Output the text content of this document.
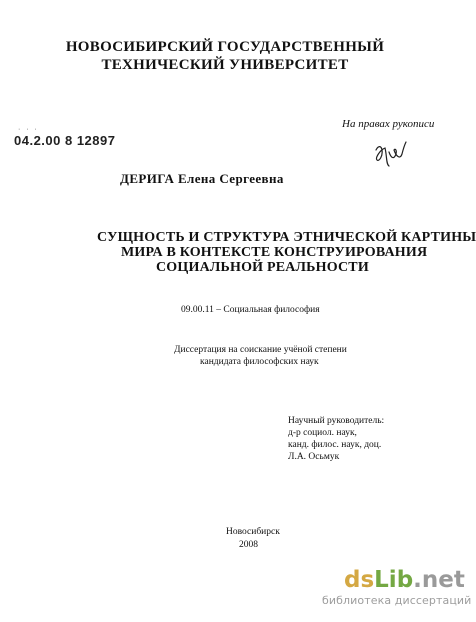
НОВОСИБИРСКИЙ ГОСУДАРСТВЕННЫЙ
ТЕХНИЧЕСКИЙ УНИВЕРСИТЕТ
· · ·
04.2.00 8 12897
На правах рукописи
ДЕРИГА Елена Сергеевна
СУЩНОСТЬ И СТРУКТУРА ЭТНИЧЕСКОЙ КАРТИНЫ
МИРА В КОНТЕКСТЕ КОНСТРУИРОВАНИЯ
СОЦИАЛЬНОЙ РЕАЛЬНОСТИ
09.00.11 – Социальная философия
Диссертация на соискание учёной степени
кандидата философских наук
Научный руководитель:
д-р социол. наук,
канд. филос. наук, доц.
Л.А. Осьмук
Новосибирск
2008
dsLib.net
библиотека диссертаций
